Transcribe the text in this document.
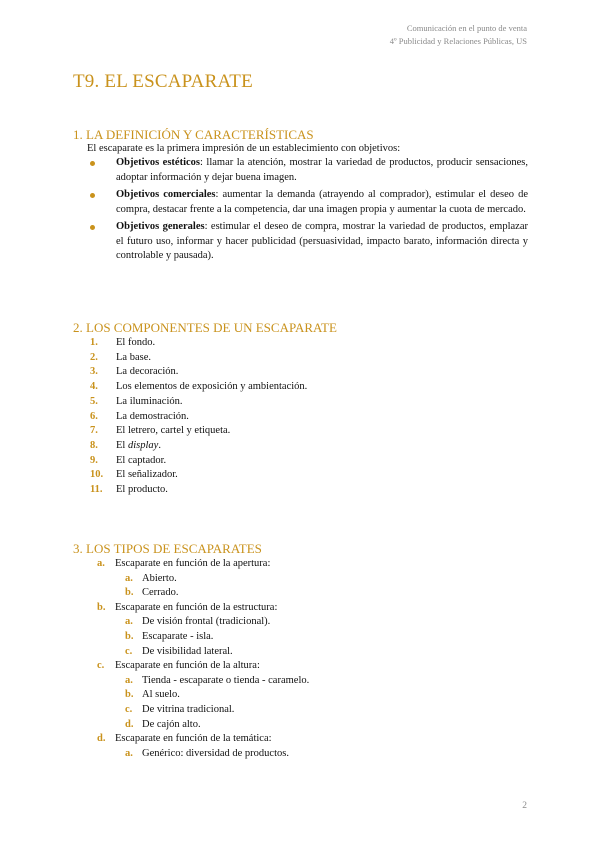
Comunicación en el punto de venta
4º Publicidad y Relaciones Públicas, US
T9. EL ESCAPARATE
1. LA DEFINICIÓN Y CARACTERÍSTICAS
El escaparate es la primera impresión de un establecimiento con objetivos:
Objetivos estéticos: llamar la atención, mostrar la variedad de productos, producir sensaciones, adoptar información y dejar buena imagen.
Objetivos comerciales: aumentar la demanda (atrayendo al comprador), estimular el deseo de compra, destacar frente a la competencia, dar una imagen propia y aumentar la cuota de mercado.
Objetivos generales: estimular el deseo de compra, mostrar la variedad de productos, emplazar el futuro uso, informar y hacer publicidad (persuasividad, impacto barato, información directa y controlable y pausada).
2. LOS COMPONENTES DE UN ESCAPARATE
1. El fondo.
2. La base.
3. La decoración.
4. Los elementos de exposición y ambientación.
5. La iluminación.
6. La demostración.
7. El letrero, cartel y etiqueta.
8. El display.
9. El captador.
10. El señalizador.
11. El producto.
3. LOS TIPOS DE ESCAPARATES
a. Escaparate en función de la apertura:
a. Abierto.
b. Cerrado.
b. Escaparate en función de la estructura:
a. De visión frontal (tradicional).
b. Escaparate - isla.
c. De visibilidad lateral.
c. Escaparate en función de la altura:
a. Tienda - escaparate o tienda - caramelo.
b. Al suelo.
c. De vitrina tradicional.
d. De cajón alto.
d. Escaparate en función de la temática:
a. Genérico: diversidad de productos.
2
